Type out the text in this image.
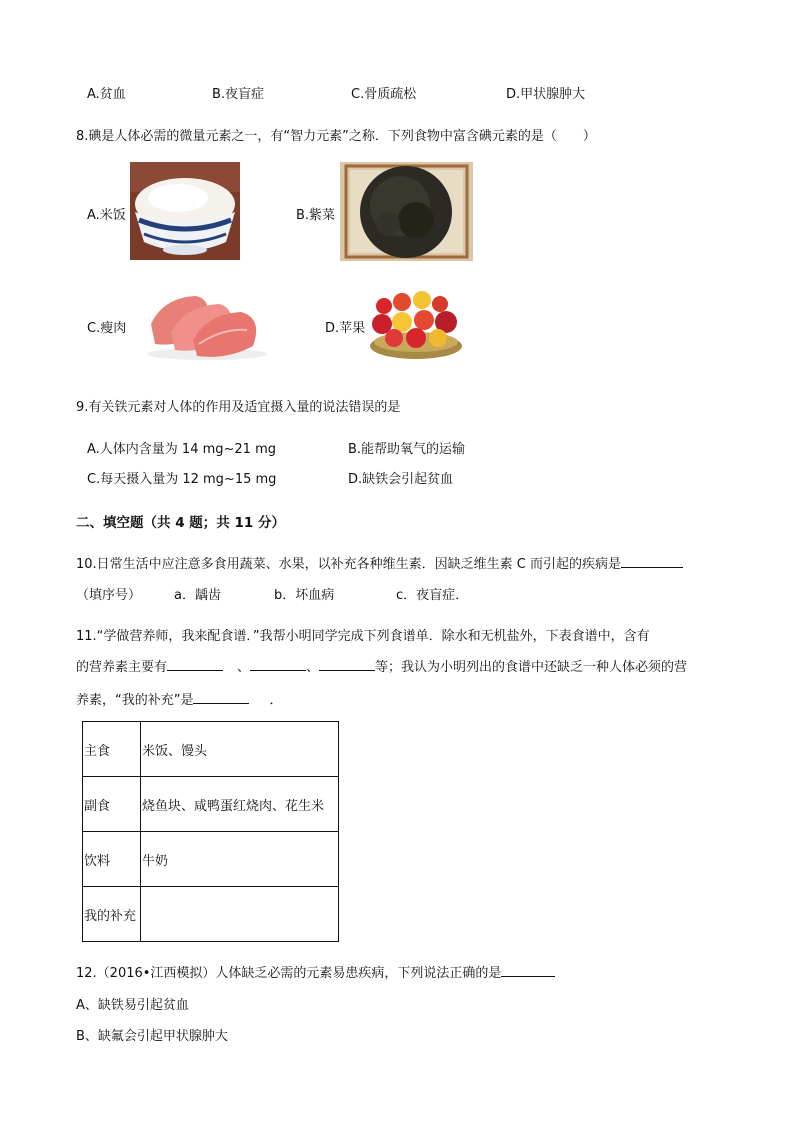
A.贫血	B.夜盲症	C.骨质疏松	D.甲状腺肿大
8.碘是人体必需的微量元素之一，有“智力元素”之称．下列食物中富含碘元素的是（　　）
A.米饭	B.紫菜
C.瘦肉	D.苹果
9.有关铁元素对人体的作用及适宜摄入量的说法错误的是
A.人体内含量为 14 mg~21 mg	B.能帮助氧气的运输
C.每天摄入量为 12 mg~15 mg	D.缺铁会引起贫血
二、填空题（共 4 题；共 11 分）
10.日常生活中应注意多食用蔬菜、水果，以补充各种维生素．因缺乏维生素 C 而引起的疾病是
（填序号）	a．龋齿	b．坏血病	c．夜盲症．
11.“学做营养师，我来配食谱．”我帮小明同学完成下列食谱单．除水和无机盐外，下表食谱中，含有
的营养素主要有	、	、	等；我认为小明列出的食谱中还缺乏一种人体必须的营
养素，“我的补充”是	．
主食	米饭、馒头
副食	烧鱼块、咸鸭蛋红烧肉、花生米
饮料	牛奶
我的补充	
12.（2016•江西模拟）人体缺乏必需的元素易患疾病，下列说法正确的是
A、缺铁易引起贫血
B、缺氟会引起甲状腺肿大
